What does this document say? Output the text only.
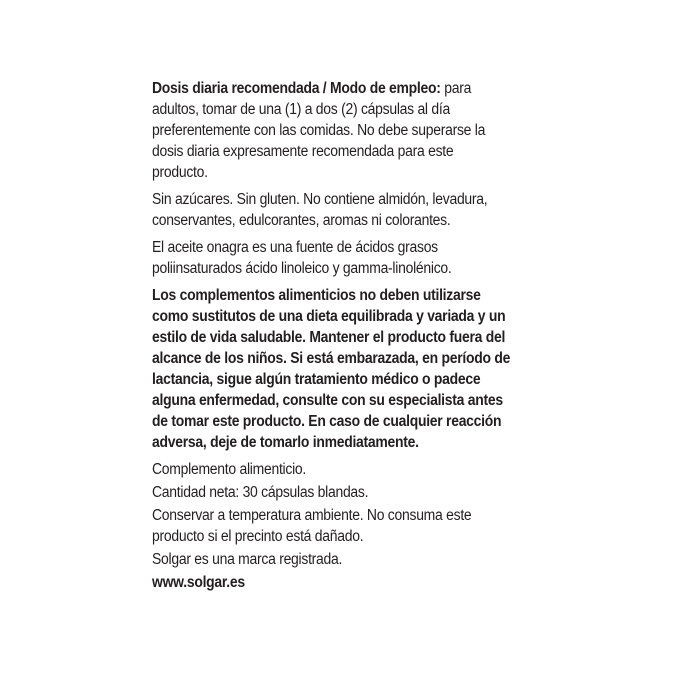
Dosis diaria recomendada / Modo de empleo: para adultos, tomar de una (1) a dos (2) cápsulas al día preferentemente con las comidas. No debe superarse la dosis diaria expresamente recomendada para este producto.

Sin azúcares. Sin gluten. No contiene almidón, levadura, conservantes, edulcorantes, aromas ni colorantes.

El aceite onagra es una fuente de ácidos grasos poliinsaturados ácido linoleico y gamma-linolénico.

Los complementos alimenticios no deben utilizarse como sustitutos de una dieta equilibrada y variada y un estilo de vida saludable. Mantener el producto fuera del alcance de los niños. Si está embarazada, en período de lactancia, sigue algún tratamiento médico o padece alguna enfermedad, consulte con su especialista antes de tomar este producto. En caso de cualquier reacción adversa, deje de tomarlo inmediatamente.

Complemento alimenticio.

Cantidad neta: 30 cápsulas blandas.

Conservar a temperatura ambiente. No consuma este producto si el precinto está dañado.

Solgar es una marca registrada.

www.solgar.es
